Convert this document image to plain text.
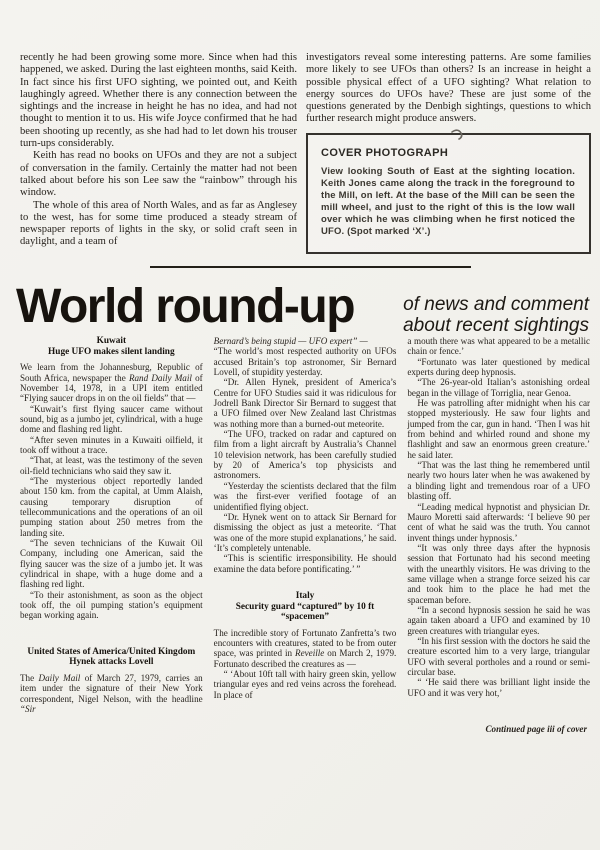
recently he had been growing some more. Since when had this happened, we asked. During the last eighteen months, said Keith. In fact since his first UFO sighting, we pointed out, and Keith laughingly agreed. Whether there is any connection between the sightings and the increase in height he has no idea, and had not thought to mention it to us. His wife Joyce confirmed that he had been shooting up recently, as she had had to let down his trouser turn-ups considerably.

Keith has read no books on UFOs and they are not a subject of conversation in the family. Certainly the matter had not been talked about before his son Lee saw the “rainbow” through his window.

The whole of this area of North Wales, and as far as Anglesey to the west, has for some time produced a steady stream of newspaper reports of lights in the sky, or solid craft seen in daylight, and a team of

investigators reveal some interesting patterns. Are some families more likely to see UFOs than others? Is an increase in height a possible physical effect of a UFO sighting? What relation to energy sources do UFOs have? These are just some of the questions generated by the Denbigh sightings, questions to which further research might produce answers.

COVER PHOTOGRAPH

View looking South of East at the sighting location. Keith Jones came along the track in the foreground to the Mill, on left. At the base of the Mill can be seen the mill wheel, and just to the right of this is the low wall over which he was climbing when he first noticed the UFO. (Spot marked ‘X’.)

World round-up	of news and comment
about recent sightings
Kuwait
Huge UFO makes silent landing

We learn from the Johannesburg, Republic of South Africa, newspaper the Rand Daily Mail of November 14, 1978, in a UPI item entitled “Flying saucer drops in on the oil fields” that —

“Kuwait’s first flying saucer came without sound, big as a jumbo jet, cylindrical, with a huge dome and flashing red light.

“After seven minutes in a Kuwaiti oilfield, it took off without a trace.

“That, at least, was the testimony of the seven oil-field technicians who said they saw it.

“The mysterious object reportedly landed about 150 km. from the capital, at Umm Alaish, causing temporary disruption of tellecommunications and the operations of an oil pumping station about 250 metres from the landing site.

“The seven technicians of the Kuwait Oil Company, including one American, said the flying saucer was the size of a jumbo jet. It was cylindrical in shape, with a huge dome and a flashing red light.

“To their astonishment, as soon as the object took off, the oil pumping station’s equipment began working again.

United States of America/United Kingdom
Hynek attacks Lovell

The Daily Mail of March 27, 1979, carries an item under the signature of their New York correspondent, Nigel Nelson, with the headline “Sir

Bernard’s being stupid — UFO expert” —

“The world’s most respected authority on UFOs accused Britain’s top astronomer, Sir Bernard Lovell, of stupidity yesterday.

“Dr. Allen Hynek, president of America’s Centre for UFO Studies said it was ridiculous for Jodrell Bank Director Sir Bernard to suggest that a UFO filmed over New Zealand last Christmas was nothing more than a burned-out meteorite.

“The UFO, tracked on radar and captured on film from a light aircraft by Australia’s Channel 10 television network, has been carefully studied by 20 of America’s top physicists and astronomers.

“Yesterday the scientists declared that the film was the first-ever verified footage of an unidentified flying object.

“Dr. Hynek went on to attack Sir Bernard for dismissing the object as just a meteorite. ‘That was one of the more stupid explanations,’ he said. ‘It’s completely untenable.

“This is scientific irresponsibility. He should examine the data before pontificating.’ ”

Italy
Security guard “captured” by 10 ft “spacemen”

The incredible story of Fortunato Zanfretta’s two encounters with creatures, stated to be from outer space, was printed in Reveille on March 2, 1979. Fortunato described the creatures as —

“ ‘About 10ft tall with hairy green skin, yellow triangular eyes and red veins across the forehead. In place of

a mouth there was what appeared to be a metallic chain or fence.’

“Fortunato was later questioned by medical experts during deep hypnosis.

“The 26-year-old Italian’s astonishing ordeal began in the village of Torriglia, near Genoa.

He was patrolling after midnight when his car stopped mysteriously. He saw four lights and jumped from the car, gun in hand. ‘Then I was hit from behind and whirled round and shone my flashlight and saw an enormous green creature.’ he said later.

“That was the last thing he remembered until nearly two hours later when he was awakened by a blinding light and tremendous roar of a UFO blasting off.

“Leading medical hypnotist and physician Dr. Mauro Moretti said afterwards: ‘I believe 90 per cent of what he said was the truth. You cannot invent things under hypnosis.’

“It was only three days after the hypnosis session that Fortunato had his second meeting with the unearthly visitors. He was driving to the same village when a strange force seized his car and took him to the place he had met the spaceman before.

“In a second hypnosis session he said he was again taken aboard a UFO and examined by 10 green creatures with triangular eyes.

“In his first session with the doctors he said the creature escorted him to a very large, triangular UFO with several portholes and a round or semi-circular base.

“ ‘He said there was brilliant light inside the UFO and it was very hot,’

Continued page iii of cover
